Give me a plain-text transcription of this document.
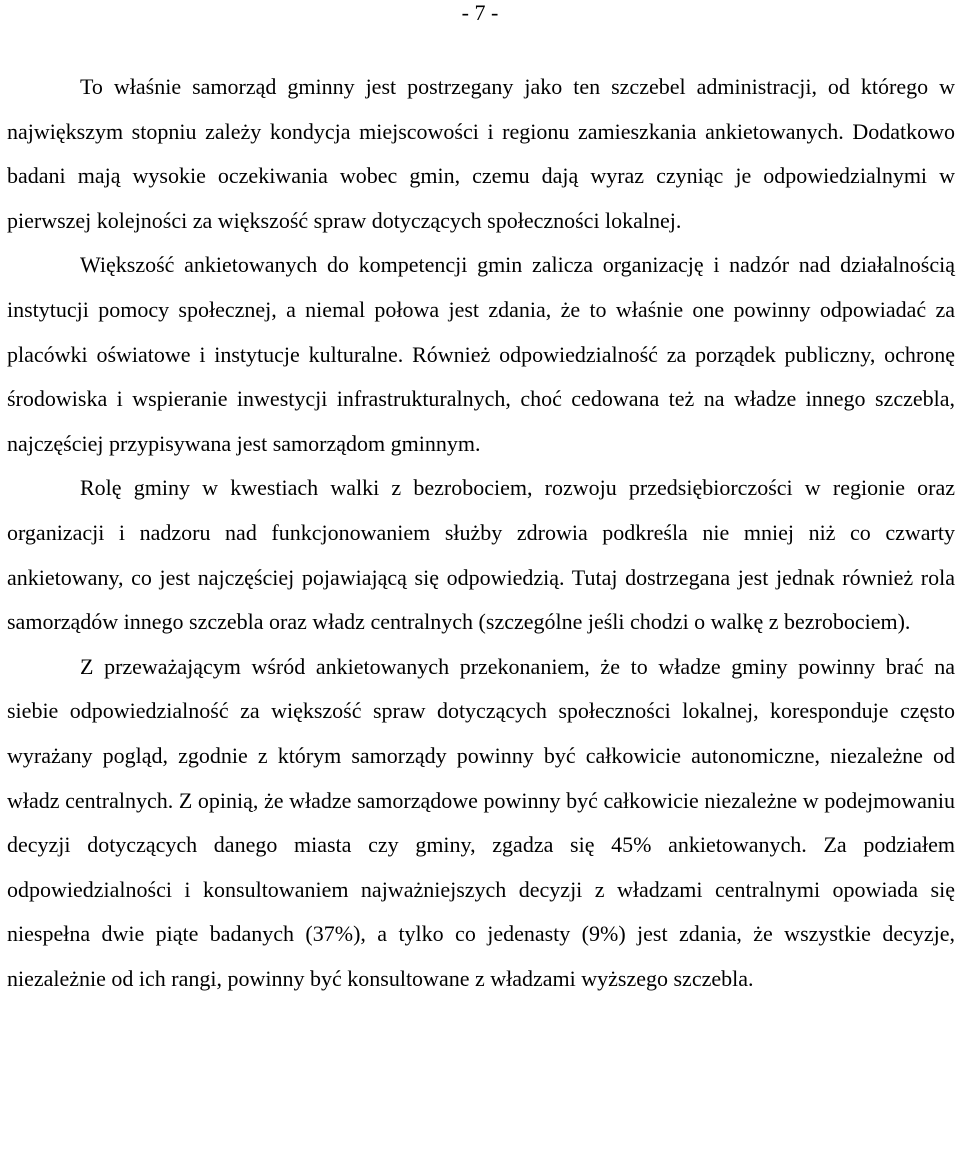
- 7 -

To właśnie samorząd gminny jest postrzegany jako ten szczebel administracji, od którego w największym stopniu zależy kondycja miejscowości i regionu zamieszkania ankietowanych. Dodatkowo badani mają wysokie oczekiwania wobec gmin, czemu dają wyraz czyniąc je odpowiedzialnymi w pierwszej kolejności za większość spraw dotyczących społeczności lokalnej.

Większość ankietowanych do kompetencji gmin zalicza organizację i nadzór nad działalnością instytucji pomocy społecznej, a niemal połowa jest zdania, że to właśnie one powinny odpowiadać za placówki oświatowe i instytucje kulturalne. Również odpowiedzialność za porządek publiczny, ochronę środowiska i wspieranie inwestycji infrastrukturalnych, choć cedowana też na władze innego szczebla, najczęściej przypisywana jest samorządom gminnym.

Rolę gminy w kwestiach walki z bezrobociem, rozwoju przedsiębiorczości w regionie oraz organizacji i nadzoru nad funkcjonowaniem służby zdrowia podkreśla nie mniej niż co czwarty ankietowany, co jest najczęściej pojawiającą się odpowiedzią. Tutaj dostrzegana jest jednak również rola samorządów innego szczebla oraz władz centralnych (szczególne jeśli chodzi o walkę z bezrobociem).

Z przeważającym wśród ankietowanych przekonaniem, że to władze gminy powinny brać na siebie odpowiedzialność za większość spraw dotyczących społeczności lokalnej, koresponduje często wyrażany pogląd, zgodnie z którym samorządy powinny być całkowicie autonomiczne, niezależne od władz centralnych. Z opinią, że władze samorządowe powinny być całkowicie niezależne w podejmowaniu decyzji dotyczących danego miasta czy gminy, zgadza się 45% ankietowanych. Za podziałem odpowiedzialności i konsultowaniem najważniejszych decyzji z władzami centralnymi opowiada się niespełna dwie piąte badanych (37%), a tylko co jedenasty (9%) jest zdania, że wszystkie decyzje, niezależnie od ich rangi, powinny być konsultowane z władzami wyższego szczebla.
